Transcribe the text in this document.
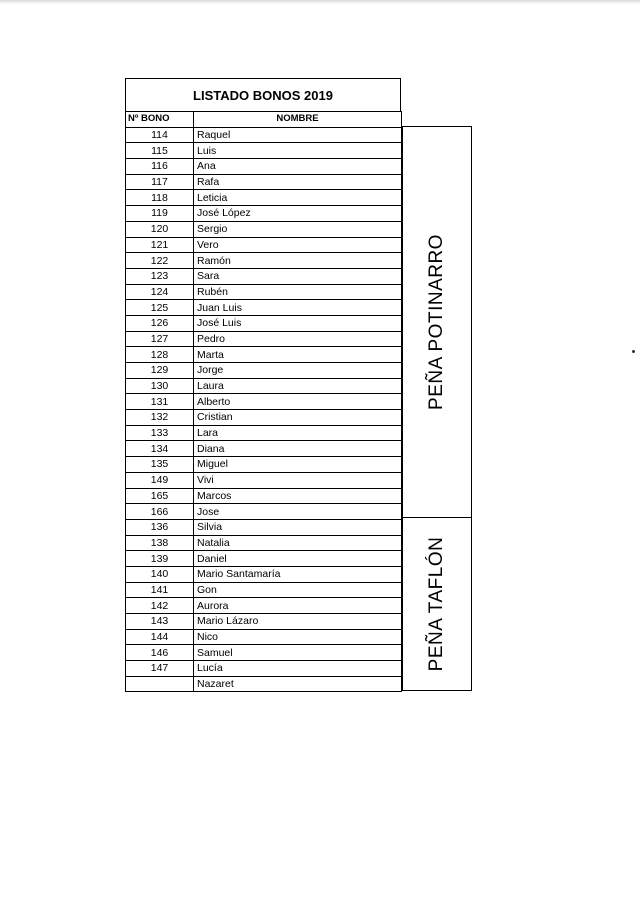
LISTADO BONOS 2019
Nº BONO	NOMBRE
114	Raquel
115	Luis
116	Ana
117	Rafa
118	Leticia
119	José López
120	Sergio
121	Vero
122	Ramón
123	Sara
124	Rubén
125	Juan Luis
126	José Luis
127	Pedro
128	Marta
129	Jorge
130	Laura
131	Alberto
132	Cristian
133	Lara
134	Diana
135	Miguel
149	Vivi
165	Marcos
166	Jose
136	Silvia
138	Natalia
139	Daniel
140	Mario Santamaría
141	Gon
142	Aurora
143	Mario Lázaro
144	Nico
146	Samuel
147	Lucía
	Nazaret
PEÑA POTINARRO
PEÑA TAFLÓN
